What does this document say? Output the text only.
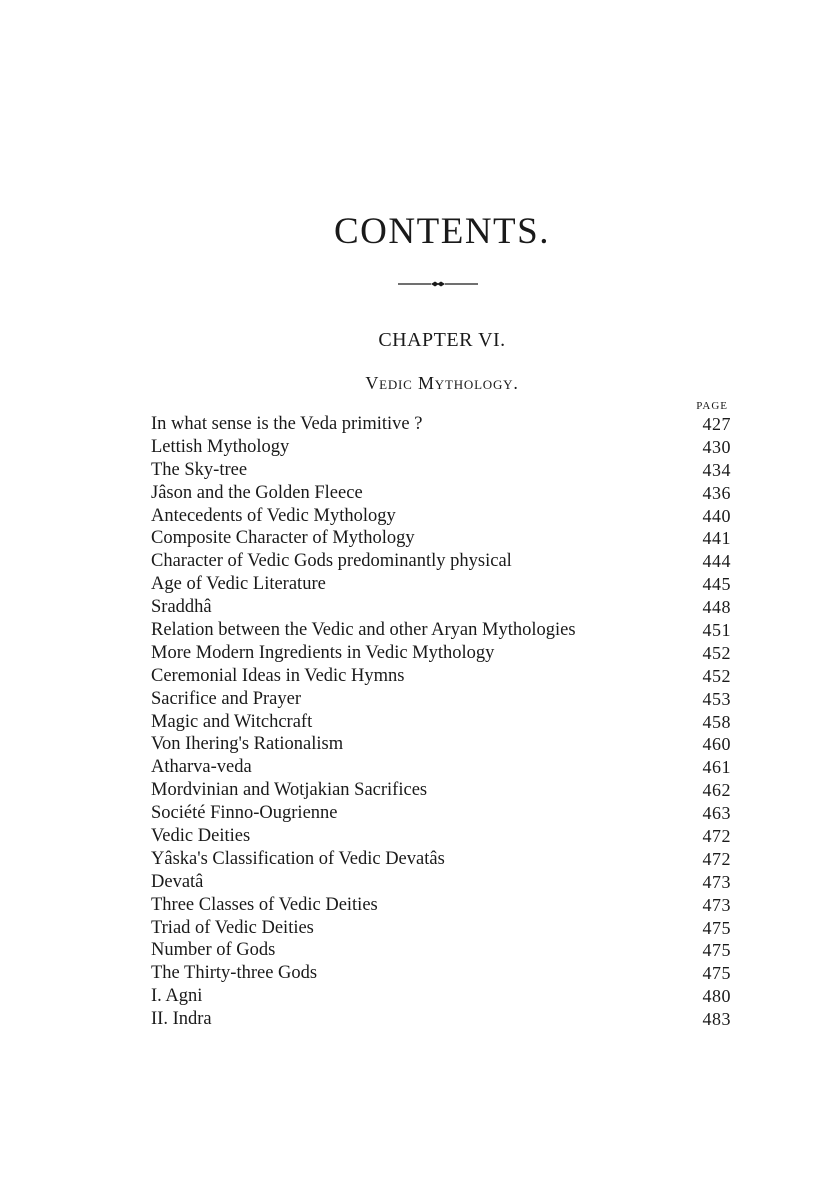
CONTENTS.
CHAPTER VI.
Vedic Mythology.
PAGE
.
In what sense is the Veda primitive ?	427
.
Lettish Mythology	430
.
The Sky-tree	434
.
Jâson and the Golden Fleece	436
.
Antecedents of Vedic Mythology	440
.
Composite Character of Mythology	441
.
Character of Vedic Gods predominantly physical	444
.
Age of Vedic Literature	445
.
Sraddhâ	448
.
Relation between the Vedic and other Aryan Mythologies	451
.
More Modern Ingredients in Vedic Mythology	452
.
Ceremonial Ideas in Vedic Hymns	452
.
Sacrifice and Prayer	453
.
Magic and Witchcraft	458
.
Von Ihering's Rationalism	460
.
Atharva-veda	461
.
Mordvinian and Wotjakian Sacrifices	462
.
Société Finno-Ougrienne	463
.
Vedic Deities	472
.
Yâska's Classification of Vedic Devatâs	472
.
Devatâ	473
.
Three Classes of Vedic Deities	473
.
Triad of Vedic Deities	475
.
Number of Gods	475
.
The Thirty-three Gods	475
.
I. Agni	480
.
II. Indra	483
